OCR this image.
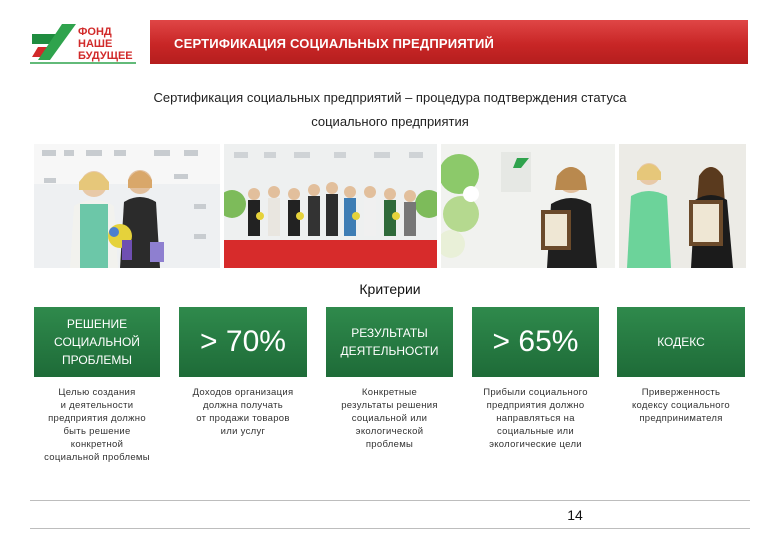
ФОНД
НАШЕ
БУДУЩЕЕ
СЕРТИФИКАЦИЯ СОЦИАЛЬНЫХ ПРЕДПРИЯТИЙ
Сертификация социальных предприятий – процедура подтверждения статуса
социального предприятия
Критерии
РЕШЕНИЕ
СОЦИАЛЬНОЙ
ПРОБЛЕМЫ
> 70%	РЕЗУЛЬТАТЫ
ДЕЯТЕЛЬНОСТИ > 65%	КОДЕКС
Целью создания
и деятельности
предприятия должно
быть решение
конкретной
социальной проблемы
Доходов организация
должна получать
от продажи товаров
или услуг
Конкретные
результаты решения
социальной или
экологической
проблемы
Прибыли социального
предприятия должно
направляться на
социальные или
экологические цели
Приверженность
кодексу социального
предпринимателя
14
